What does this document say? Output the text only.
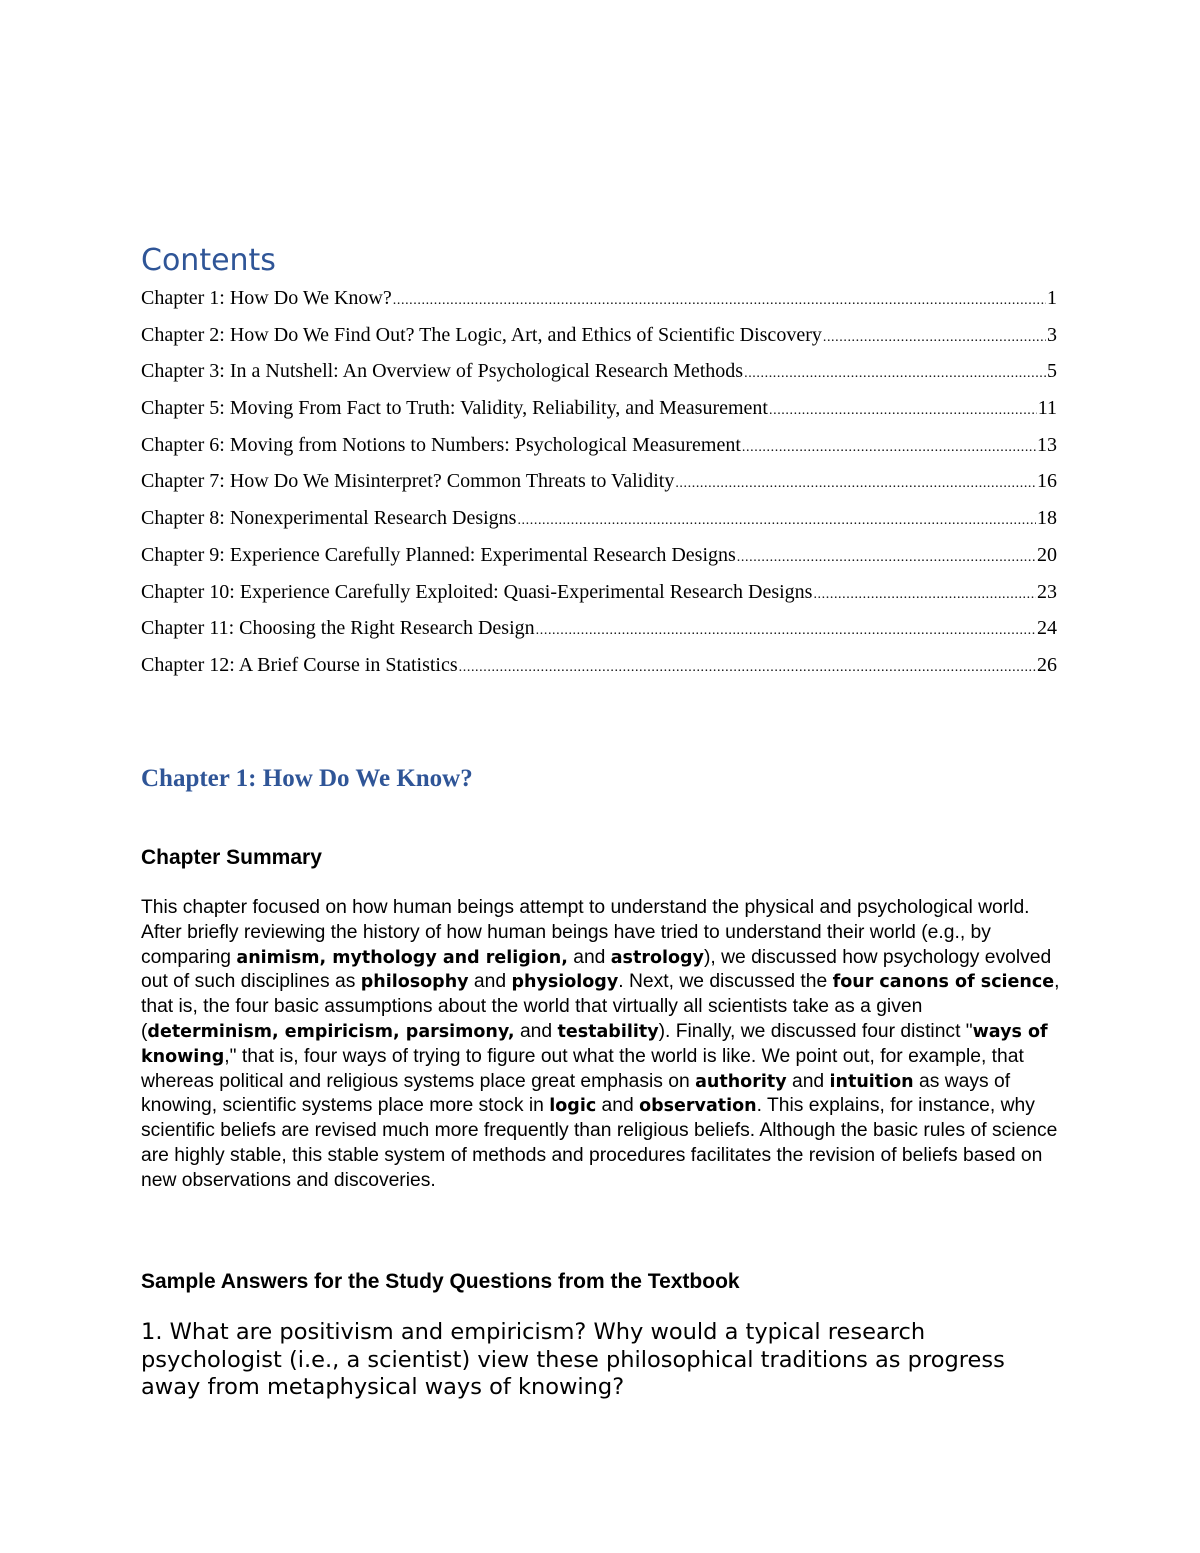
Contents
Chapter 1: How Do We Know? .....	1
Chapter 2: How Do We Find Out? The Logic, Art, and Ethics of Scientific Discovery .....	3
Chapter 3: In a Nutshell: An Overview of Psychological Research Methods .....	5
Chapter 5: Moving From Fact to Truth: Validity, Reliability, and Measurement .....	11
Chapter 6: Moving from Notions to Numbers: Psychological Measurement .....	13
Chapter 7: How Do We Misinterpret? Common Threats to Validity .....	16
Chapter 8: Nonexperimental Research Designs .....	18
Chapter 9: Experience Carefully Planned: Experimental Research Designs .....	20
Chapter 10: Experience Carefully Exploited: Quasi-Experimental Research Designs .....	23
Chapter 11: Choosing the Right Research Design .....	24
Chapter 12: A Brief Course in Statistics .....	26
Chapter 1: How Do We Know?
Chapter Summary

This chapter focused on how human beings attempt to understand the physical and psychological world. After briefly reviewing the history of how human beings have tried to understand their world (e.g., by comparing animism, mythology and religion, and astrology), we discussed how psychology evolved out of such disciplines as philosophy and physiology. Next, we discussed the four canons of science, that is, the four basic assumptions about the world that virtually all scientists take as a given (determinism, empiricism, parsimony, and testability). Finally, we discussed four distinct "ways of knowing," that is, four ways of trying to figure out what the world is like. We point out, for example, that whereas political and religious systems place great emphasis on authority and intuition as ways of knowing, scientific systems place more stock in logic and observation. This explains, for instance, why scientific beliefs are revised much more frequently than religious beliefs. Although the basic rules of science are highly stable, this stable system of methods and procedures facilitates the revision of beliefs based on new observations and discoveries.

Sample Answers for the Study Questions from the Textbook

1. What are positivism and empiricism? Why would a typical research psychologist (i.e., a scientist) view these philosophical traditions as progress away from metaphysical ways of knowing?
